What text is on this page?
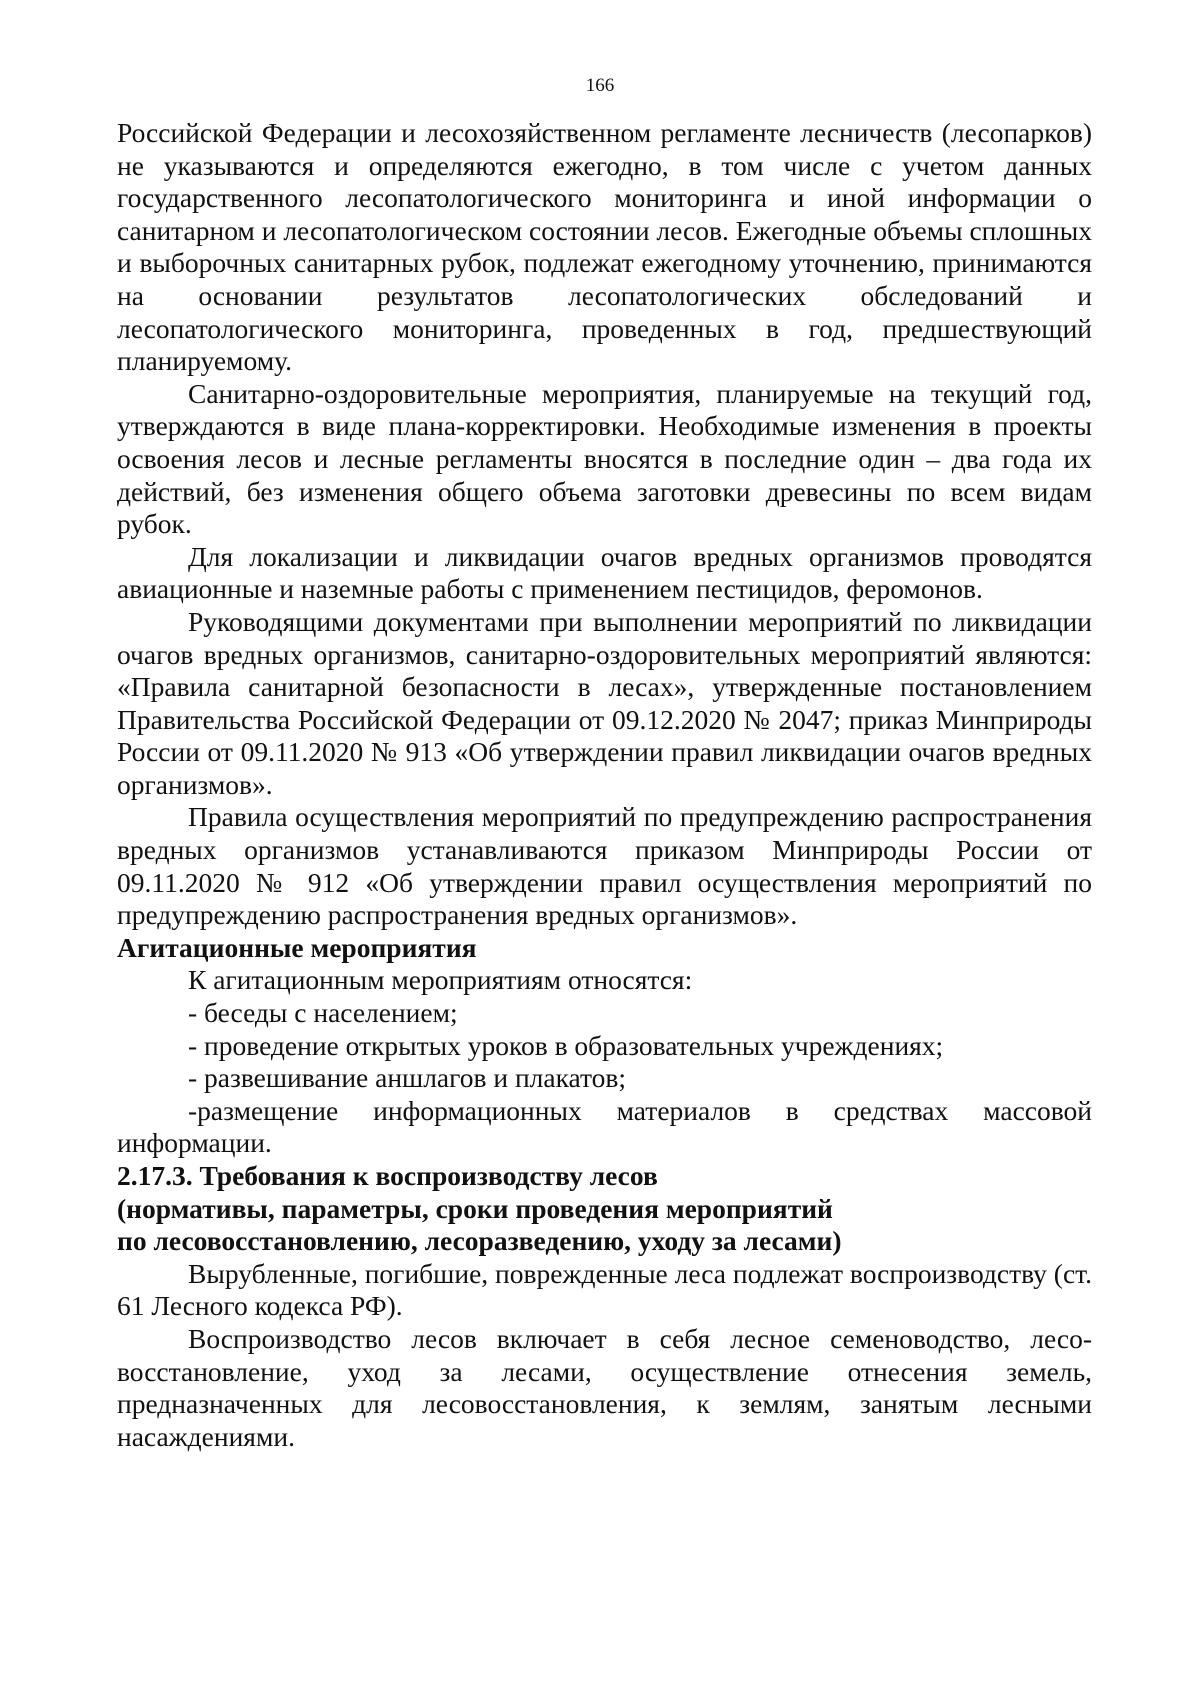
166

Российской Федерации и лесохозяйственном регламенте лесничеств (лесопарков) не указываются и определяются ежегодно, в том числе с учетом данных государственного лесопатологического мониторинга и иной информации о санитарном и лесопатологическом состоянии лесов. Ежегодные объемы сплошных и выборочных санитарных рубок, подлежат ежегодному уточнению, принимаются на основании результатов лесопатологических обследований и лесопатологического мониторинга, проведенных в год, предшествующий планируемому.

Санитарно-оздоровительные мероприятия, планируемые на текущий год, утверждаются в виде плана-корректировки. Необходимые изменения в проекты освоения лесов и лесные регламенты вносятся в последние один – два года их действий, без изменения общего объема заготовки древесины по всем видам рубок.

Для локализации и ликвидации очагов вредных организмов проводятся авиационные и наземные работы с применением пестицидов, феромонов.

Руководящими документами при выполнении мероприятий по ликвидации очагов вредных организмов, санитарно-оздоровительных мероприятий являются: «Правила санитарной безопасности в лесах», утвержденные постановлением Правительства Российской Федерации от 09.12.2020 № 2047; приказ Минприроды России от 09.11.2020 № 913 «Об утверждении правил ликвидации очагов вредных организмов».

Правила осуществления мероприятий по предупреждению распространения вредных организмов устанавливаются приказом Минприроды России от 09.11.2020 № 912 «Об утверждении правил осуществления мероприятий по предупреждению распространения вредных организмов».

Агитационные мероприятия

К агитационным мероприятиям относятся:

- беседы с населением;

- проведение открытых уроков в образовательных учреждениях;

- развешивание аншлагов и плакатов;

-размещение информационных материалов в средствах массовой информации.

2.17.3. Требования к воспроизводству лесов
(нормативы, параметры, сроки проведения мероприятий
по лесовосстановлению, лесоразведению, уходу за лесами)

Вырубленные, погибшие, поврежденные леса подлежат воспроизводству (ст. 61 Лесного кодекса РФ).

Воспроизводство лесов включает в себя лесное семеноводство, лесо-восстановление, уход за лесами, осуществление отнесения земель, предназначенных для лесовосстановления, к землям, занятым лесными насаждениями.
